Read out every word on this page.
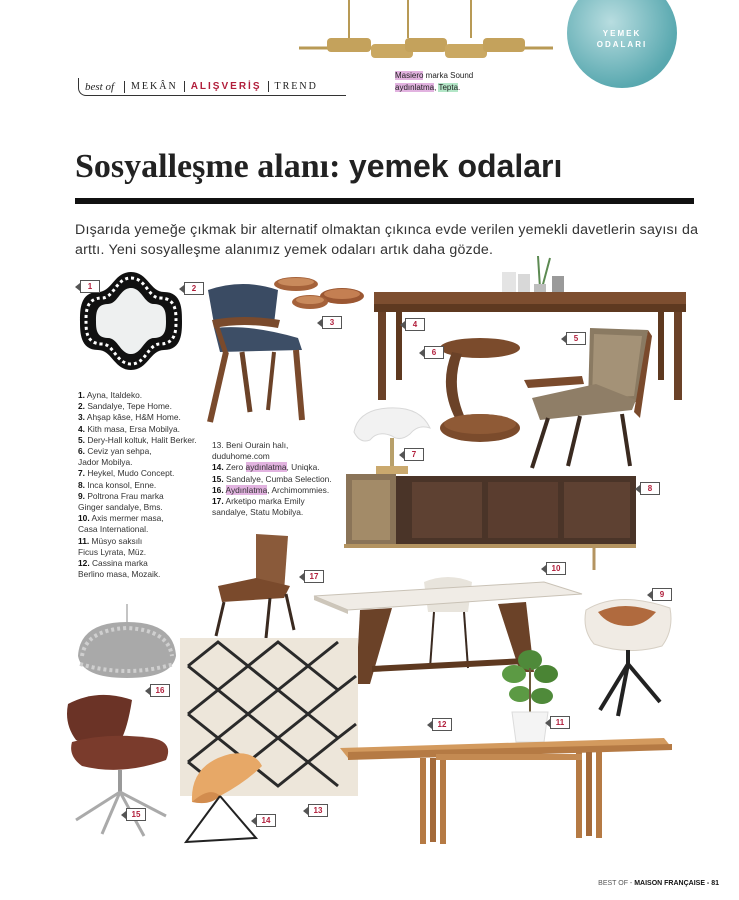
YEMEK
ODALARI
best of	MEKÂN	ALIŞVERİŞ	TREND
Masiero marka Sound
aydınlatma, Tepta.
Sosyalleşme alanı: yemek odaları

Dışarıda yemeğe çıkmak bir alternatif olmaktan çıkınca evde verilen yemekli davetlerin sayısı da arttı. Yeni sosyalleşme alanımız yemek odaları artık daha gözde.

1	2
3	4
6
5
7
8
17
10
9
16
13
11
12
15
14
1. Ayna, Italdeko.
2. Sandalye, Tepe Home.
3. Ahşap kâse, H&M Home.
4. Kith masa, Ersa Mobilya.
5. Dery-Hall koltuk, Halit Berker.
6. Ceviz yan sehpa,
Jador Mobilya.
7. Heykel, Mudo Concept.
8. Inca konsol, Enne.
9. Poltrona Frau marka
Ginger sandalye, Bms.
10. Axis mermer masa,
Casa International.
11. Müsyo saksılı
Ficus Lyrata, Müz.
12. Cassina marka
Berlino masa, Mozaik.
13. Beni Ourain halı,
duduhome.com
14. Zero aydınlatma, Uniqka.
15. Sandalye, Cumba Selection.
16. Aydınlatma, Archimommies.
17. Arketipo marka Emily
sandalye, Statu Mobilya.
BEST OF - MAISON FRANÇAISE - 81
